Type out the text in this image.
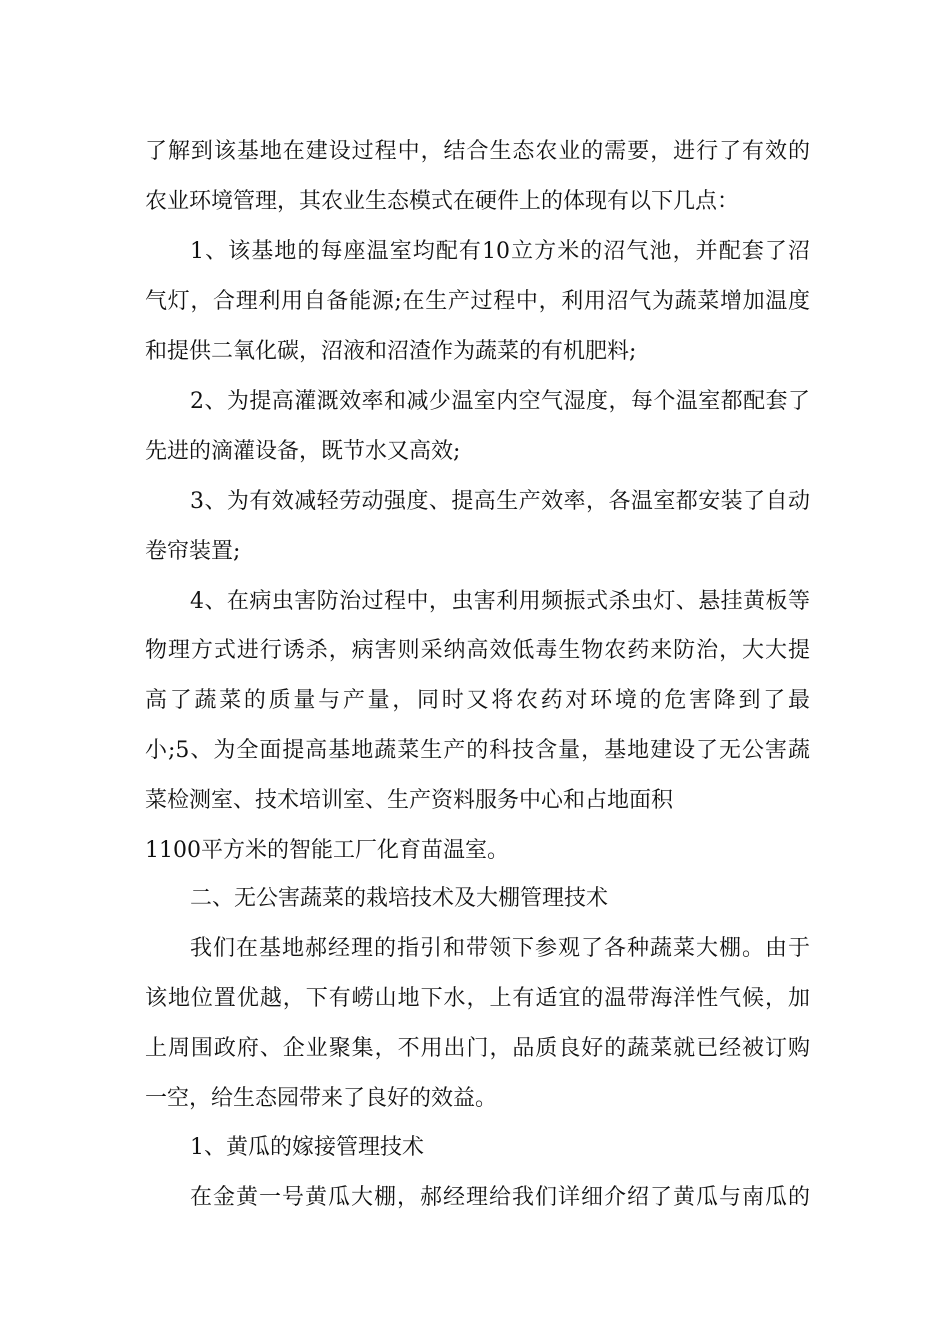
了解到该基地在建设过程中，结合生态农业的需要，进行了有效的
农业环境管理，其农业生态模式在硬件上的体现有以下几点：
1、该基地的每座温室均配有10立方米的沼气池，并配套了沼
气灯，合理利用自备能源;在生产过程中，利用沼气为蔬菜增加温度
和提供二氧化碳，沼液和沼渣作为蔬菜的有机肥料;
2、为提高灌溉效率和减少温室内空气湿度，每个温室都配套了
先进的滴灌设备，既节水又高效;
3、为有效减轻劳动强度、提高生产效率，各温室都安装了自动
卷帘装置;
4、在病虫害防治过程中，虫害利用频振式杀虫灯、悬挂黄板等
物理方式进行诱杀，病害则采纳高效低毒生物农药来防治，大大提
高了蔬菜的质量与产量，同时又将农药对环境的危害降到了最
小;5、为全面提高基地蔬菜生产的科技含量，基地建设了无公害蔬
菜检测室、技术培训室、生产资料服务中心和占地面积
1100平方米的智能工厂化育苗温室。
二、无公害蔬菜的栽培技术及大棚管理技术
我们在基地郝经理的指引和带领下参观了各种蔬菜大棚。由于
该地位置优越，下有崂山地下水，上有适宜的温带海洋性气候，加
上周围政府、企业聚集，不用出门，品质良好的蔬菜就已经被订购
一空，给生态园带来了良好的效益。
1、黄瓜的嫁接管理技术
在金黄一号黄瓜大棚，郝经理给我们详细介绍了黄瓜与南瓜的
